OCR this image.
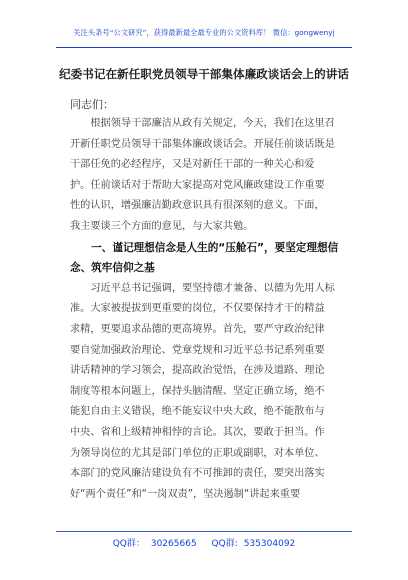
关注头条号“公文研究”，获得最新最全最专业的公文资料库！ 微信：gongwenyj
纪委书记在新任职党员领导干部集体廉政谈话会上的讲话
同志们：
　　根据领导干部廉洁从政有关规定，今天，我们在这里召
开新任职党员领导干部集体廉政谈话会。开展任前谈话既是
干部任免的必经程序，又是对新任干部的一种关心和爱
护。任前谈话对于帮助大家提高对党风廉政建设工作重要
性的认识，增强廉洁勤政意识具有很深刻的意义。下面，
我主要谈三个方面的意见，与大家共勉。
　　一、谨记理想信念是人生的“压舱石”，要坚定理想信
念、筑牢信仰之基
　　习近平总书记强调，要坚持德才兼备、以德为先用人标
准。大家被提拔到更重要的岗位，不仅要保持才干的精益
求精，更要追求品德的更高境界。首先，要严守政治纪律
要自觉加强政治理论、党章党规和习近平总书记系列重要
讲话精神的学习领会，提高政治觉悟，在涉及道路、理论
制度等根本问题上，保持头脑清醒、坚定正确立场，绝不
能犯自由主义错误，绝不能妄议中央大政，绝不能散布与
中央、省和上级精神相悖的言论。其次，要敢于担当。作
为领导岗位的尤其是部门单位的正职或副职，对本单位、
本部门的党风廉洁建设负有不可推卸的责任，要突出落实
好“两个责任”和“一岗双责”，坚决遏制“讲起来重要
QQ群： 30265665 QQ群: 535304092
